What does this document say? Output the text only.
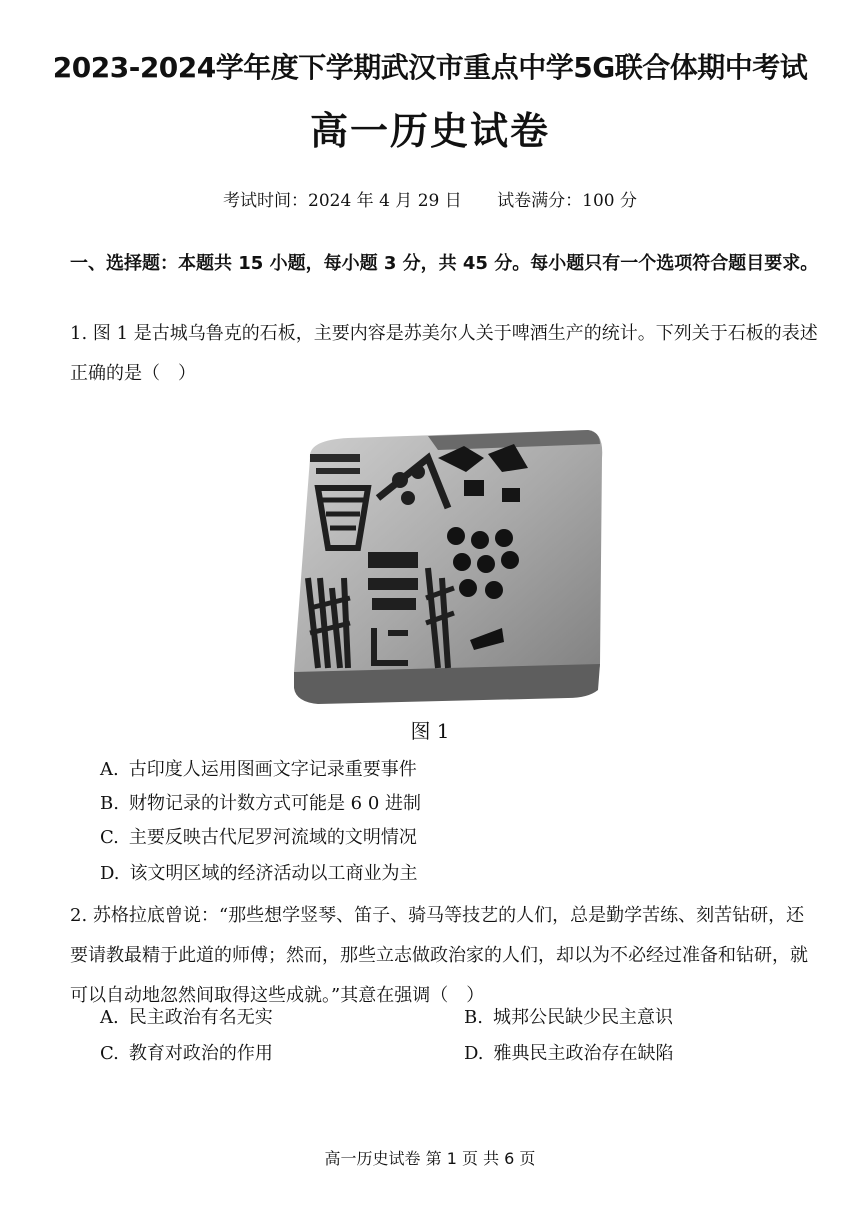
2023-2024学年度下学期武汉市重点中学5G联合体期中考试
高一历史试卷
考试时间：2024 年 4 月 29 日 试卷满分：100 分
一、选择题：本题共 15 小题，每小题 3 分，共 45 分。每小题只有一个选项符合题目要求。
1. 图 1 是古城乌鲁克的石板，主要内容是苏美尔人关于啤酒生产的统计。下列关于石板的表述正确的是（　）
图 1
A. 古印度人运用图画文字记录重要事件
B. 财物记录的计数方式可能是 6 0 进制
C. 主要反映古代尼罗河流域的文明情况
D. 该文明区域的经济活动以工商业为主
2. 苏格拉底曾说：“那些想学竖琴、笛子、骑马等技艺的人们，总是勤学苦练、刻苦钻研，还要请教最精于此道的师傅；然而，那些立志做政治家的人们，却以为不必经过准备和钻研，就可以自动地忽然间取得这些成就。”其意在强调（　）
A. 民主政治有名无实	B. 城邦公民缺少民主意识
C. 教育对政治的作用	D. 雅典民主政治存在缺陷
高一历史试卷 第 1 页 共 6 页
